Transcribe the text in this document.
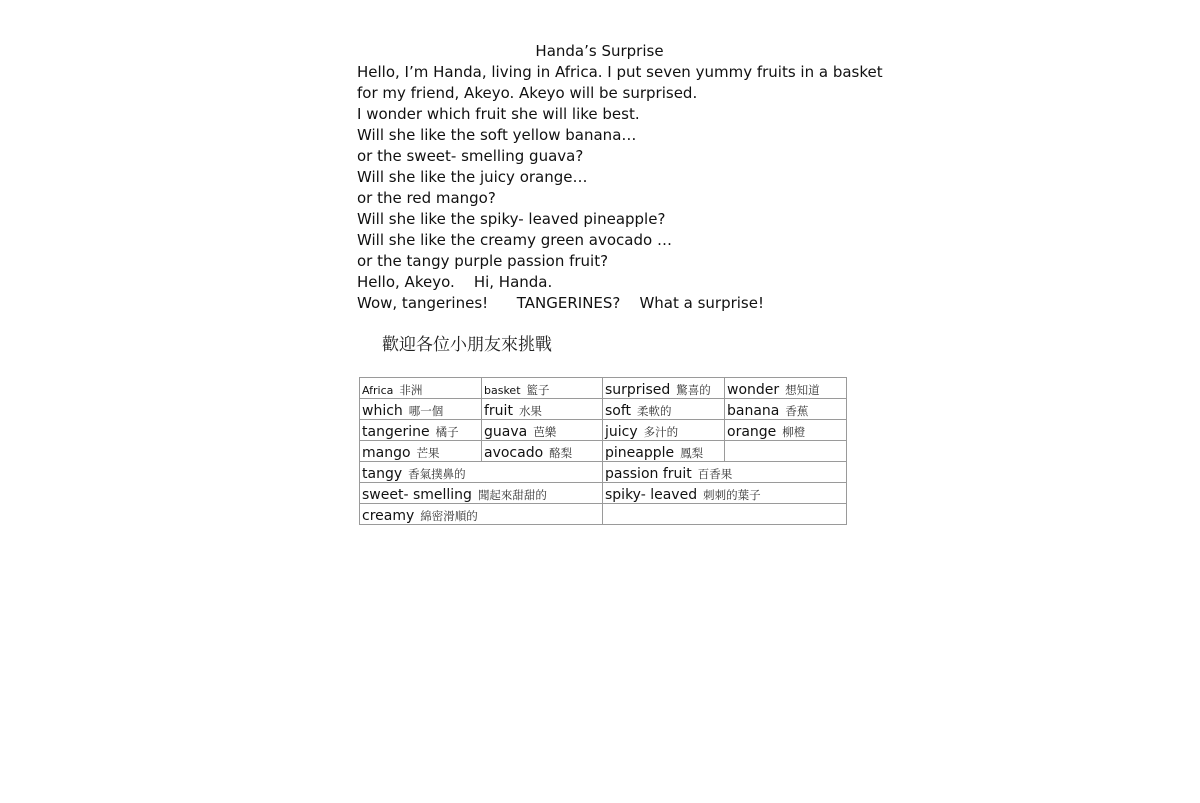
Handa’s Surprise
Hello, I’m Handa, living in Africa. I put seven yummy fruits in a basket
for my friend, Akeyo. Akeyo will be surprised.
I wonder which fruit she will like best.
Will she like the soft yellow banana…
or the sweet- smelling guava?
Will she like the juicy orange…
or the red mango?
Will she like the spiky- leaved pineapple?
Will she like the creamy green avocado …
or the tangy purple passion fruit?
Hello, Akeyo.    Hi, Handa.
Wow, tangerines!      TANGERINES?    What a surprise!
歡迎各位小朋友來挑戰
Africa 非洲	basket 籃子	surprised 驚喜的	wonder 想知道
which 哪一個	fruit 水果	soft 柔軟的	banana 香蕉
tangerine 橘子	guava 芭樂	juicy 多汁的	orange 柳橙
mango 芒果	avocado 酪梨	pineapple 鳳梨	
tangy 香氣撲鼻的		passion fruit 百香果	
sweet- smelling 聞起來甜甜的		spiky- leaved 刺刺的葉子	
creamy 綿密滑順的			
